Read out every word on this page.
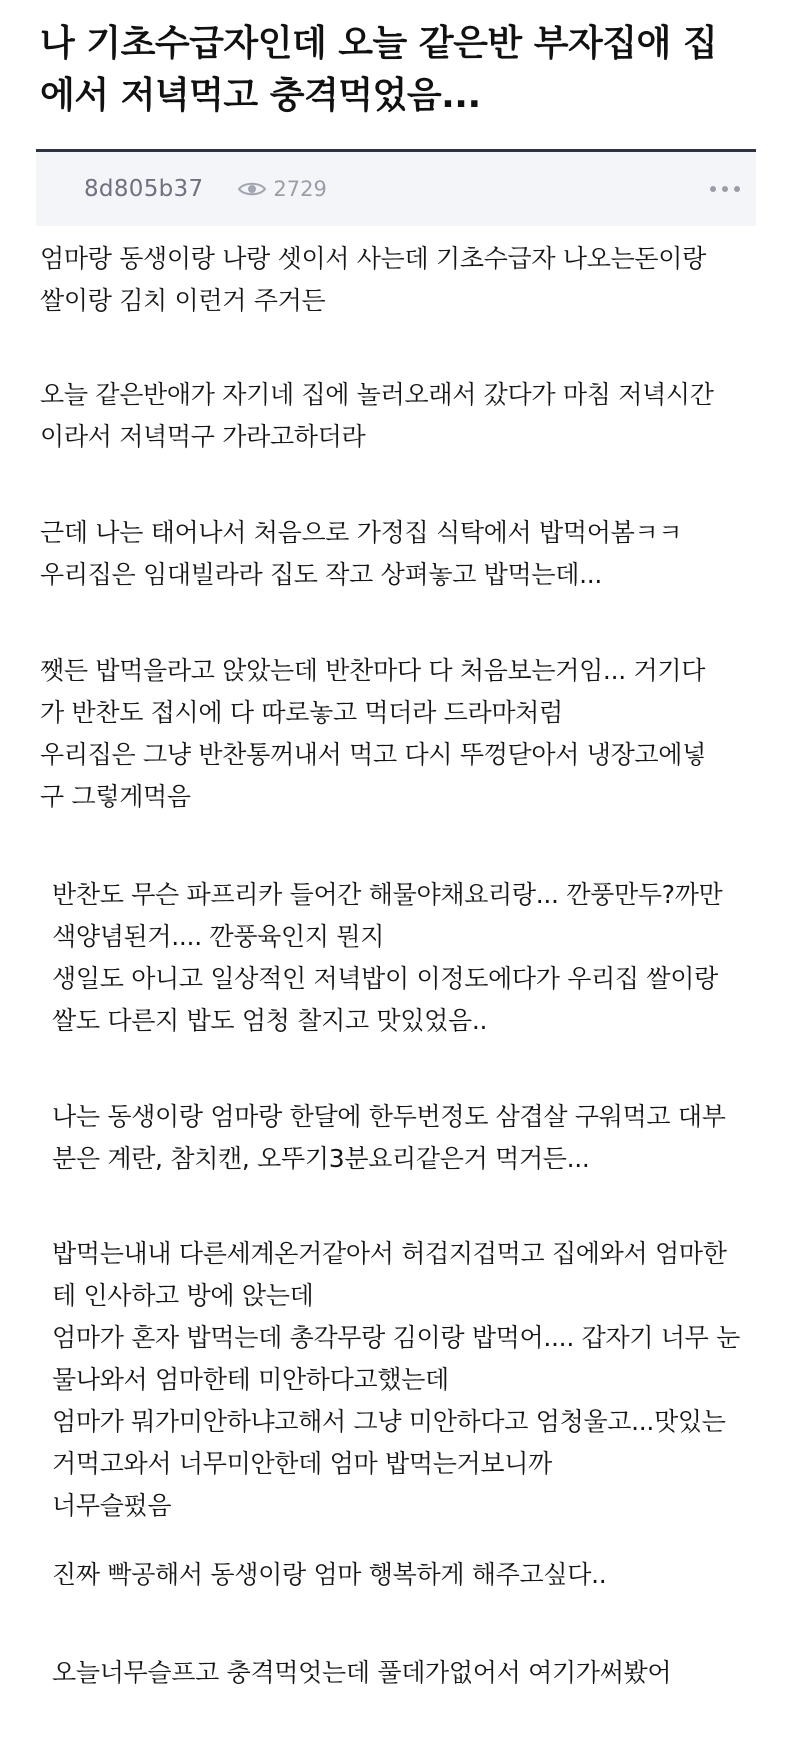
나 기초수급자인데 오늘 같은반 부자집애 집에서 저녁먹고 충격먹었음...
8d805b37	2729

엄마랑 동생이랑 나랑 셋이서 사는데 기초수급자 나오는돈이랑
쌀이랑 김치 이런거 주거든

오늘 같은반애가 자기네 집에 놀러오래서 갔다가 마침 저녁시간
이라서 저녁먹구 가라고하더라

근데 나는 태어나서 처음으로 가정집 식탁에서 밥먹어봄ㅋㅋ
우리집은 임대빌라라 집도 작고 상펴놓고 밥먹는데...

쨋든 밥먹을라고 앉았는데 반찬마다 다 처음보는거임... 거기다
가 반찬도 접시에 다 따로놓고 먹더라 드라마처럼
우리집은 그냥 반찬통꺼내서 먹고 다시 뚜껑닫아서 냉장고에넣
구 그렇게먹음

반찬도 무슨 파프리카 들어간 해물야채요리랑... 깐풍만두?까만
색양념된거.... 깐풍육인지 뭔지
생일도 아니고 일상적인 저녁밥이 이정도에다가 우리집 쌀이랑
쌀도 다른지 밥도 엄청 찰지고 맛있었음..

나는 동생이랑 엄마랑 한달에 한두번정도 삼겹살 구워먹고 대부
분은 계란, 참치캔, 오뚜기3분요리같은거 먹거든...

밥먹는내내 다른세계온거같아서 허겁지겁먹고 집에와서 엄마한
테 인사하고 방에 앉는데
엄마가 혼자 밥먹는데 총각무랑 김이랑 밥먹어.... 갑자기 너무 눈
물나와서 엄마한테 미안하다고했는데
엄마가 뭐가미안하냐고해서 그냥 미안하다고 엄청울고...맛있는
거먹고와서 너무미안한데 엄마 밥먹는거보니까
너무슬펐음

진짜 빡공해서 동생이랑 엄마 행복하게 해주고싶다..

오늘너무슬프고 충격먹엇는데 풀데가없어서 여기가써봤어
